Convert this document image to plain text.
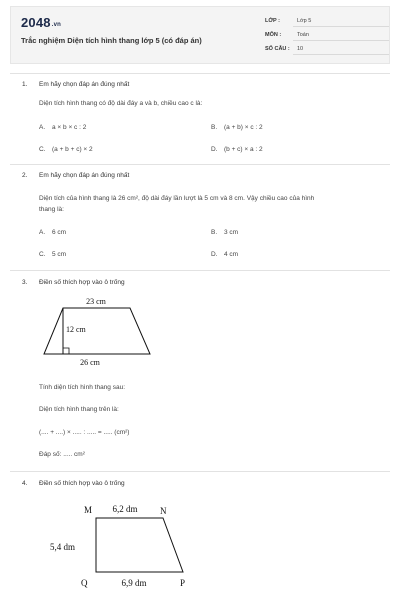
2048.vn
Trắc nghiệm Diện tích hình thang lớp 5 (có đáp án)
LỚP :	Lớp 5
MÔN :	Toán
SỐ CÂU : 10
1. Em hãy chọn đáp án đúng nhất
Diện tích hình thang có độ dài đáy a và b, chiều cao c là:
A. a × b × c : 2	B. (a + b) × c : 2
C. (a + b + c) × 2	D. (b + c) × a : 2
2. Em hãy chọn đáp án đúng nhất
Diện tích của hình thang là 26 cm², độ dài đáy lần lượt là 5 cm và 8 cm. Vậy chiều cao của hình
thang là:
A. 6 cm	B. 3 cm
C. 5 cm	D. 4 cm
3. Điền số thích hợp vào ô trống
23 cm
12 cm
26 cm
Tính diện tích hình thang sau:
Diện tích hình thang trên là:
(.... + ....) × ..... : ..... = ..... (cm²)
Đáp số: ..... cm²
4. Điền số thích hợp vào ô trống
M	N
Q	P
6,2 dm
5,4 dm
6,9 dm
